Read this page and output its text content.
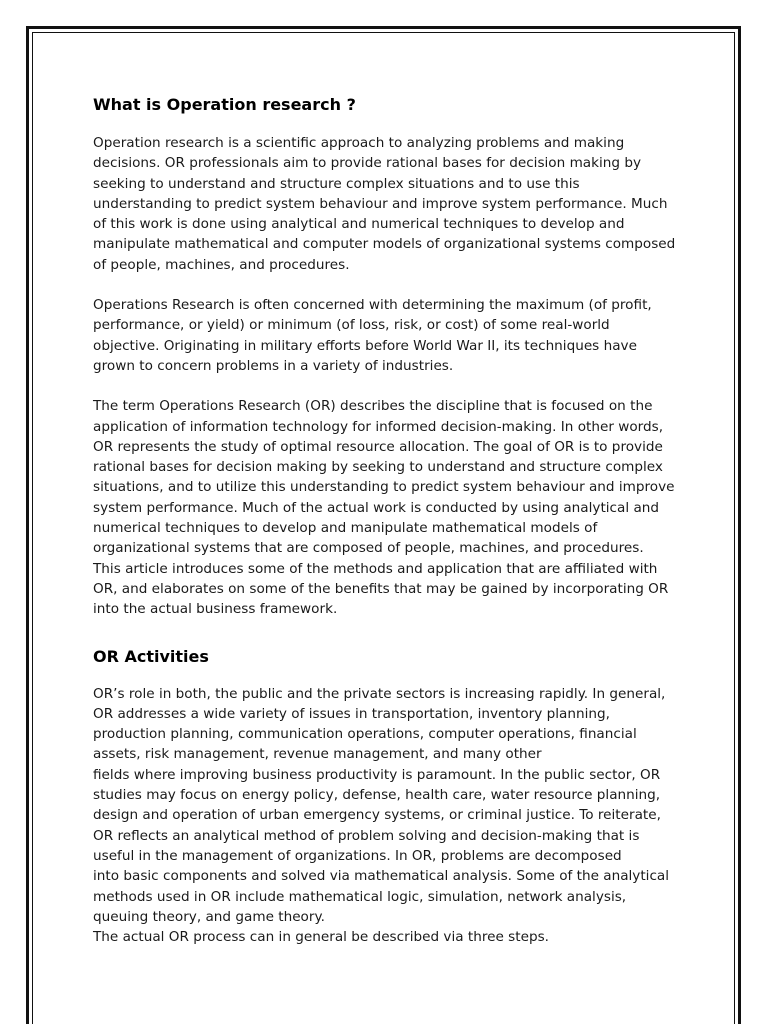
What is Operation research ?

Operation research is a scientific approach to analyzing problems and making
decisions. OR professionals aim to provide rational bases for decision making by
seeking to understand and structure complex situations and to use this
understanding to predict system behaviour and improve system performance. Much
of this work is done using analytical and numerical techniques to develop and
manipulate mathematical and computer models of organizational systems composed
of people, machines, and procedures.

Operations Research is often concerned with determining the maximum (of profit,
performance, or yield) or minimum (of loss, risk, or cost) of some real-world
objective. Originating in military efforts before World War II, its techniques have
grown to concern problems in a variety of industries.

The term Operations Research (OR) describes the discipline that is focused on the
application of information technology for informed decision-making. In other words,
OR represents the study of optimal resource allocation. The goal of OR is to provide
rational bases for decision making by seeking to understand and structure complex
situations, and to utilize this understanding to predict system behaviour and improve
system performance. Much of the actual work is conducted by using analytical and
numerical techniques to develop and manipulate mathematical models of
organizational systems that are composed of people, machines, and procedures.
This article introduces some of the methods and application that are affiliated with
OR, and elaborates on some of the benefits that may be gained by incorporating OR
into the actual business framework.

OR Activities

OR’s role in both, the public and the private sectors is increasing rapidly. In general,
OR addresses a wide variety of issues in transportation, inventory planning,
production planning, communication operations, computer operations, financial
assets, risk management, revenue management, and many other
fields where improving business productivity is paramount. In the public sector, OR
studies may focus on energy policy, defense, health care, water resource planning,
design and operation of urban emergency systems, or criminal justice. To reiterate,
OR reflects an analytical method of problem solving and decision-making that is
useful in the management of organizations. In OR, problems are decomposed
into basic components and solved via mathematical analysis. Some of the analytical
methods used in OR include mathematical logic, simulation, network analysis,
queuing theory, and game theory.
The actual OR process can in general be described via three steps.
